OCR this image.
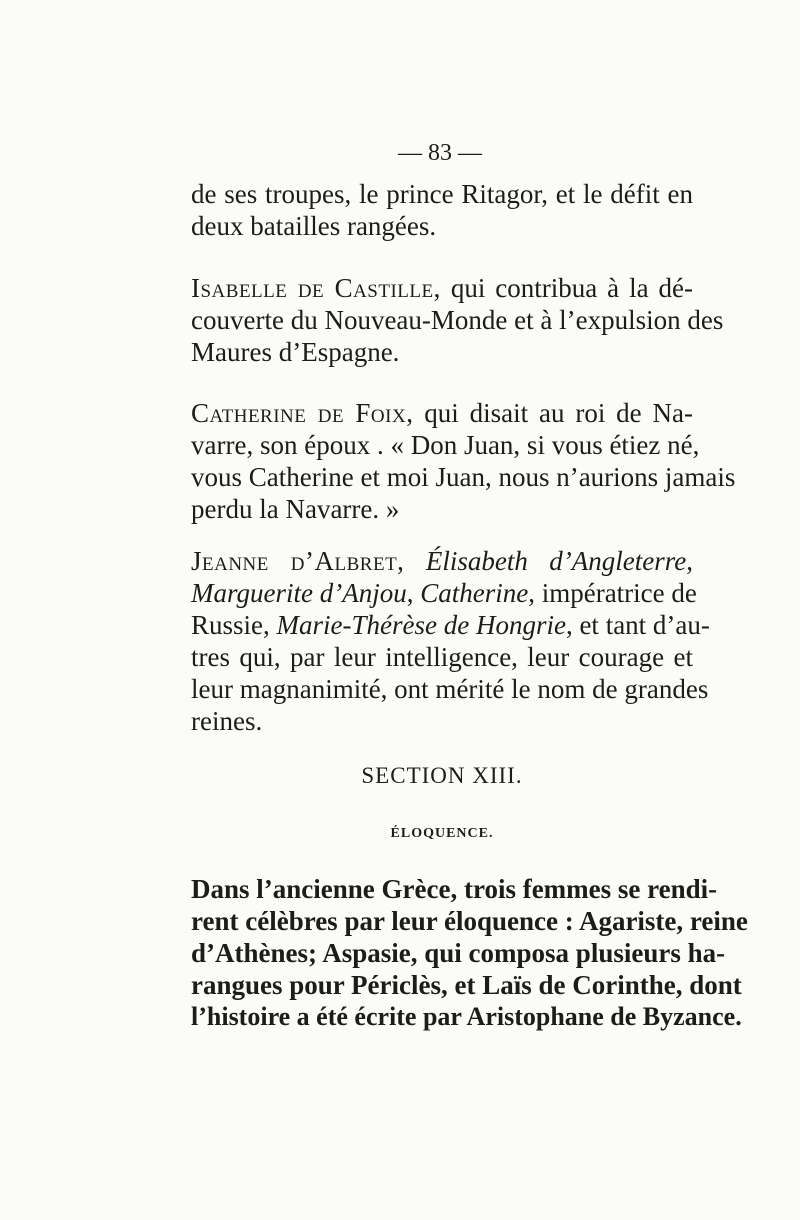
— 83 —
de ses troupes, le prince Ritagor, et le défit en
deux batailles rangées.
Isabelle de Castille, qui contribua à la dé-
couverte du Nouveau-Monde et à l’expulsion des
Maures d’Espagne.
Catherine de Foix, qui disait au roi de Na-
varre, son époux . « Don Juan, si vous étiez né,
vous Catherine et moi Juan, nous n’aurions jamais
perdu la Navarre. »
Jeanne d’Albret, Élisabeth d’Angleterre,
Marguerite d’Anjou, Catherine, impératrice de
Russie, Marie-Thérèse de Hongrie, et tant d’au-
tres qui, par leur intelligence, leur courage et
leur magnanimité, ont mérité le nom de grandes
reines.
SECTION XIII.
ÉLOQUENCE.
Dans l’ancienne Grèce, trois femmes se rendi-
rent célèbres par leur éloquence : Agariste, reine
d’Athènes; Aspasie, qui composa plusieurs ha-
rangues pour Périclès, et Laïs de Corinthe, dont
l’histoire a été écrite par Aristophane de Byzance.
